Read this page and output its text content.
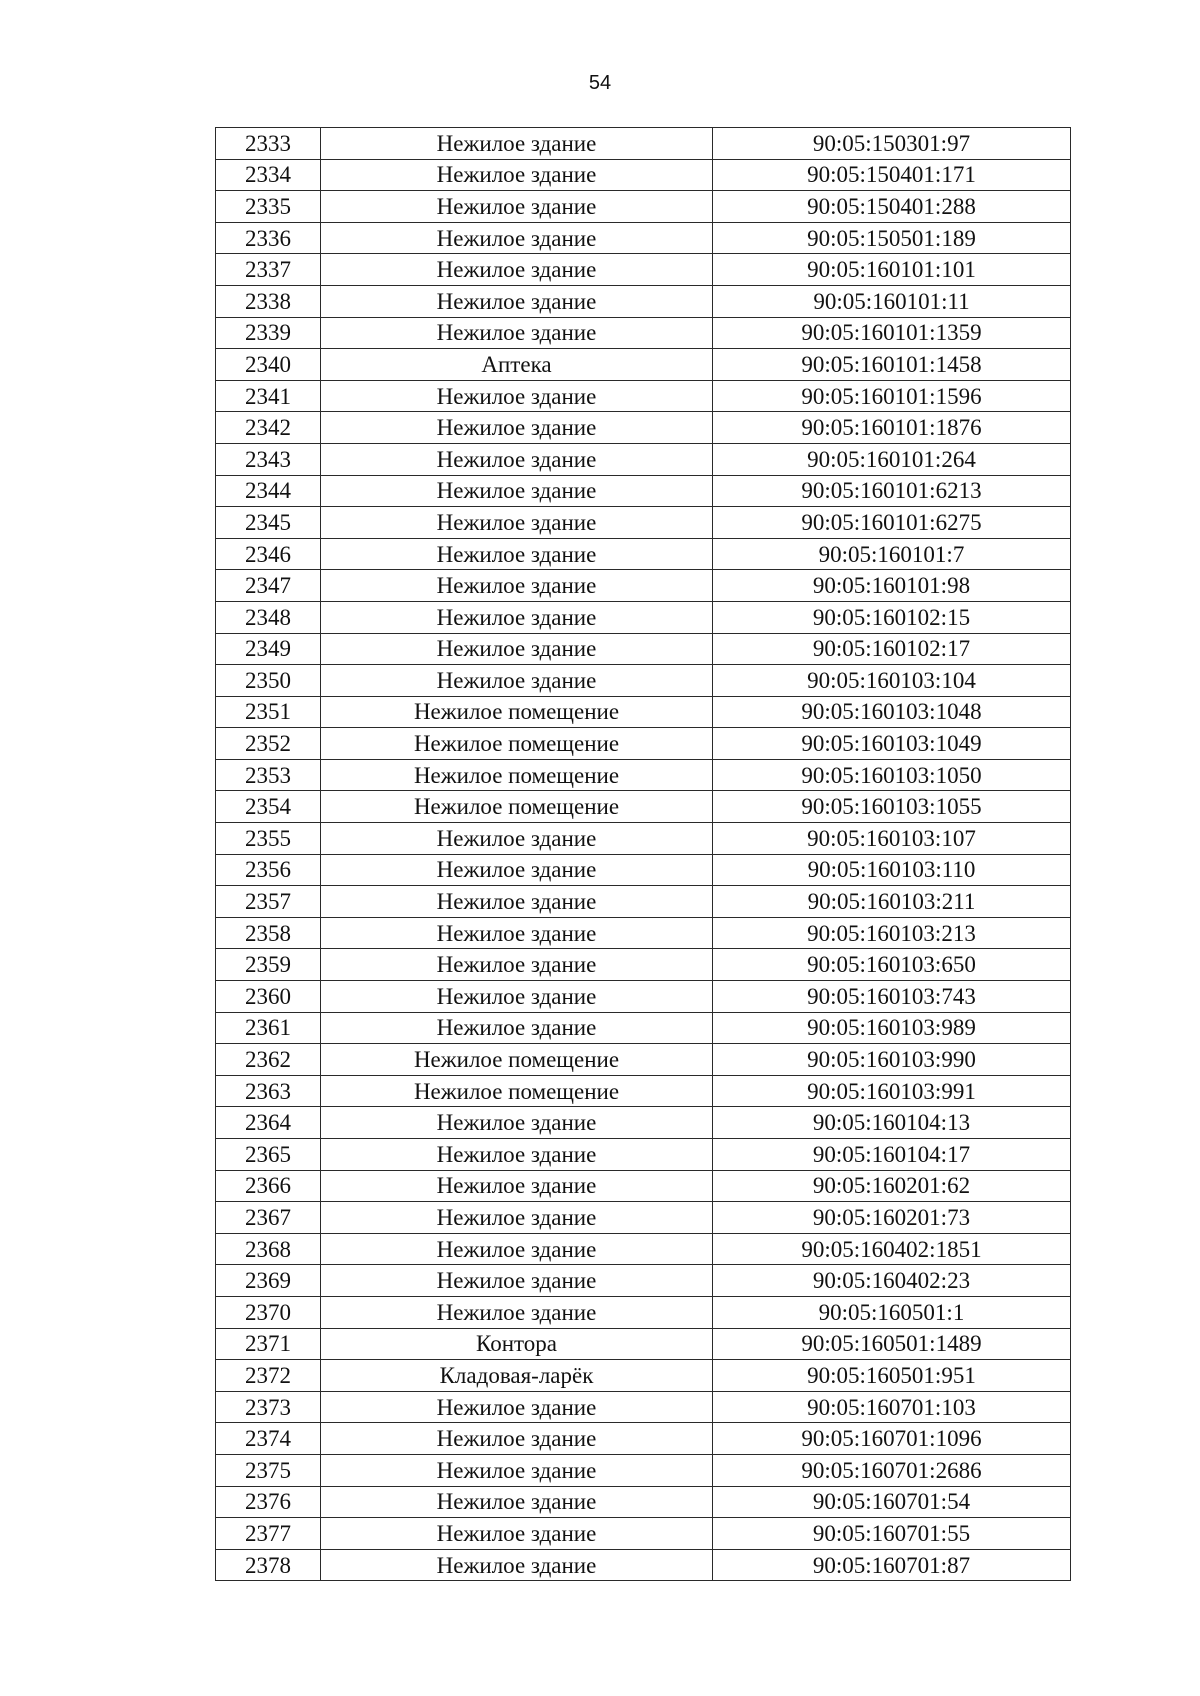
54
2333	Нежилое здание	90:05:150301:97
2334	Нежилое здание	90:05:150401:171
2335	Нежилое здание	90:05:150401:288
2336	Нежилое здание	90:05:150501:189
2337	Нежилое здание	90:05:160101:101
2338	Нежилое здание	90:05:160101:11
2339	Нежилое здание	90:05:160101:1359
2340	Аптека	90:05:160101:1458
2341	Нежилое здание	90:05:160101:1596
2342	Нежилое здание	90:05:160101:1876
2343	Нежилое здание	90:05:160101:264
2344	Нежилое здание	90:05:160101:6213
2345	Нежилое здание	90:05:160101:6275
2346	Нежилое здание	90:05:160101:7
2347	Нежилое здание	90:05:160101:98
2348	Нежилое здание	90:05:160102:15
2349	Нежилое здание	90:05:160102:17
2350	Нежилое здание	90:05:160103:104
2351	Нежилое помещение	90:05:160103:1048
2352	Нежилое помещение	90:05:160103:1049
2353	Нежилое помещение	90:05:160103:1050
2354	Нежилое помещение	90:05:160103:1055
2355	Нежилое здание	90:05:160103:107
2356	Нежилое здание	90:05:160103:110
2357	Нежилое здание	90:05:160103:211
2358	Нежилое здание	90:05:160103:213
2359	Нежилое здание	90:05:160103:650
2360	Нежилое здание	90:05:160103:743
2361	Нежилое здание	90:05:160103:989
2362	Нежилое помещение	90:05:160103:990
2363	Нежилое помещение	90:05:160103:991
2364	Нежилое здание	90:05:160104:13
2365	Нежилое здание	90:05:160104:17
2366	Нежилое здание	90:05:160201:62
2367	Нежилое здание	90:05:160201:73
2368	Нежилое здание	90:05:160402:1851
2369	Нежилое здание	90:05:160402:23
2370	Нежилое здание	90:05:160501:1
2371	Контора	90:05:160501:1489
2372	Кладовая-ларёк	90:05:160501:951
2373	Нежилое здание	90:05:160701:103
2374	Нежилое здание	90:05:160701:1096
2375	Нежилое здание	90:05:160701:2686
2376	Нежилое здание	90:05:160701:54
2377	Нежилое здание	90:05:160701:55
2378	Нежилое здание	90:05:160701:87
